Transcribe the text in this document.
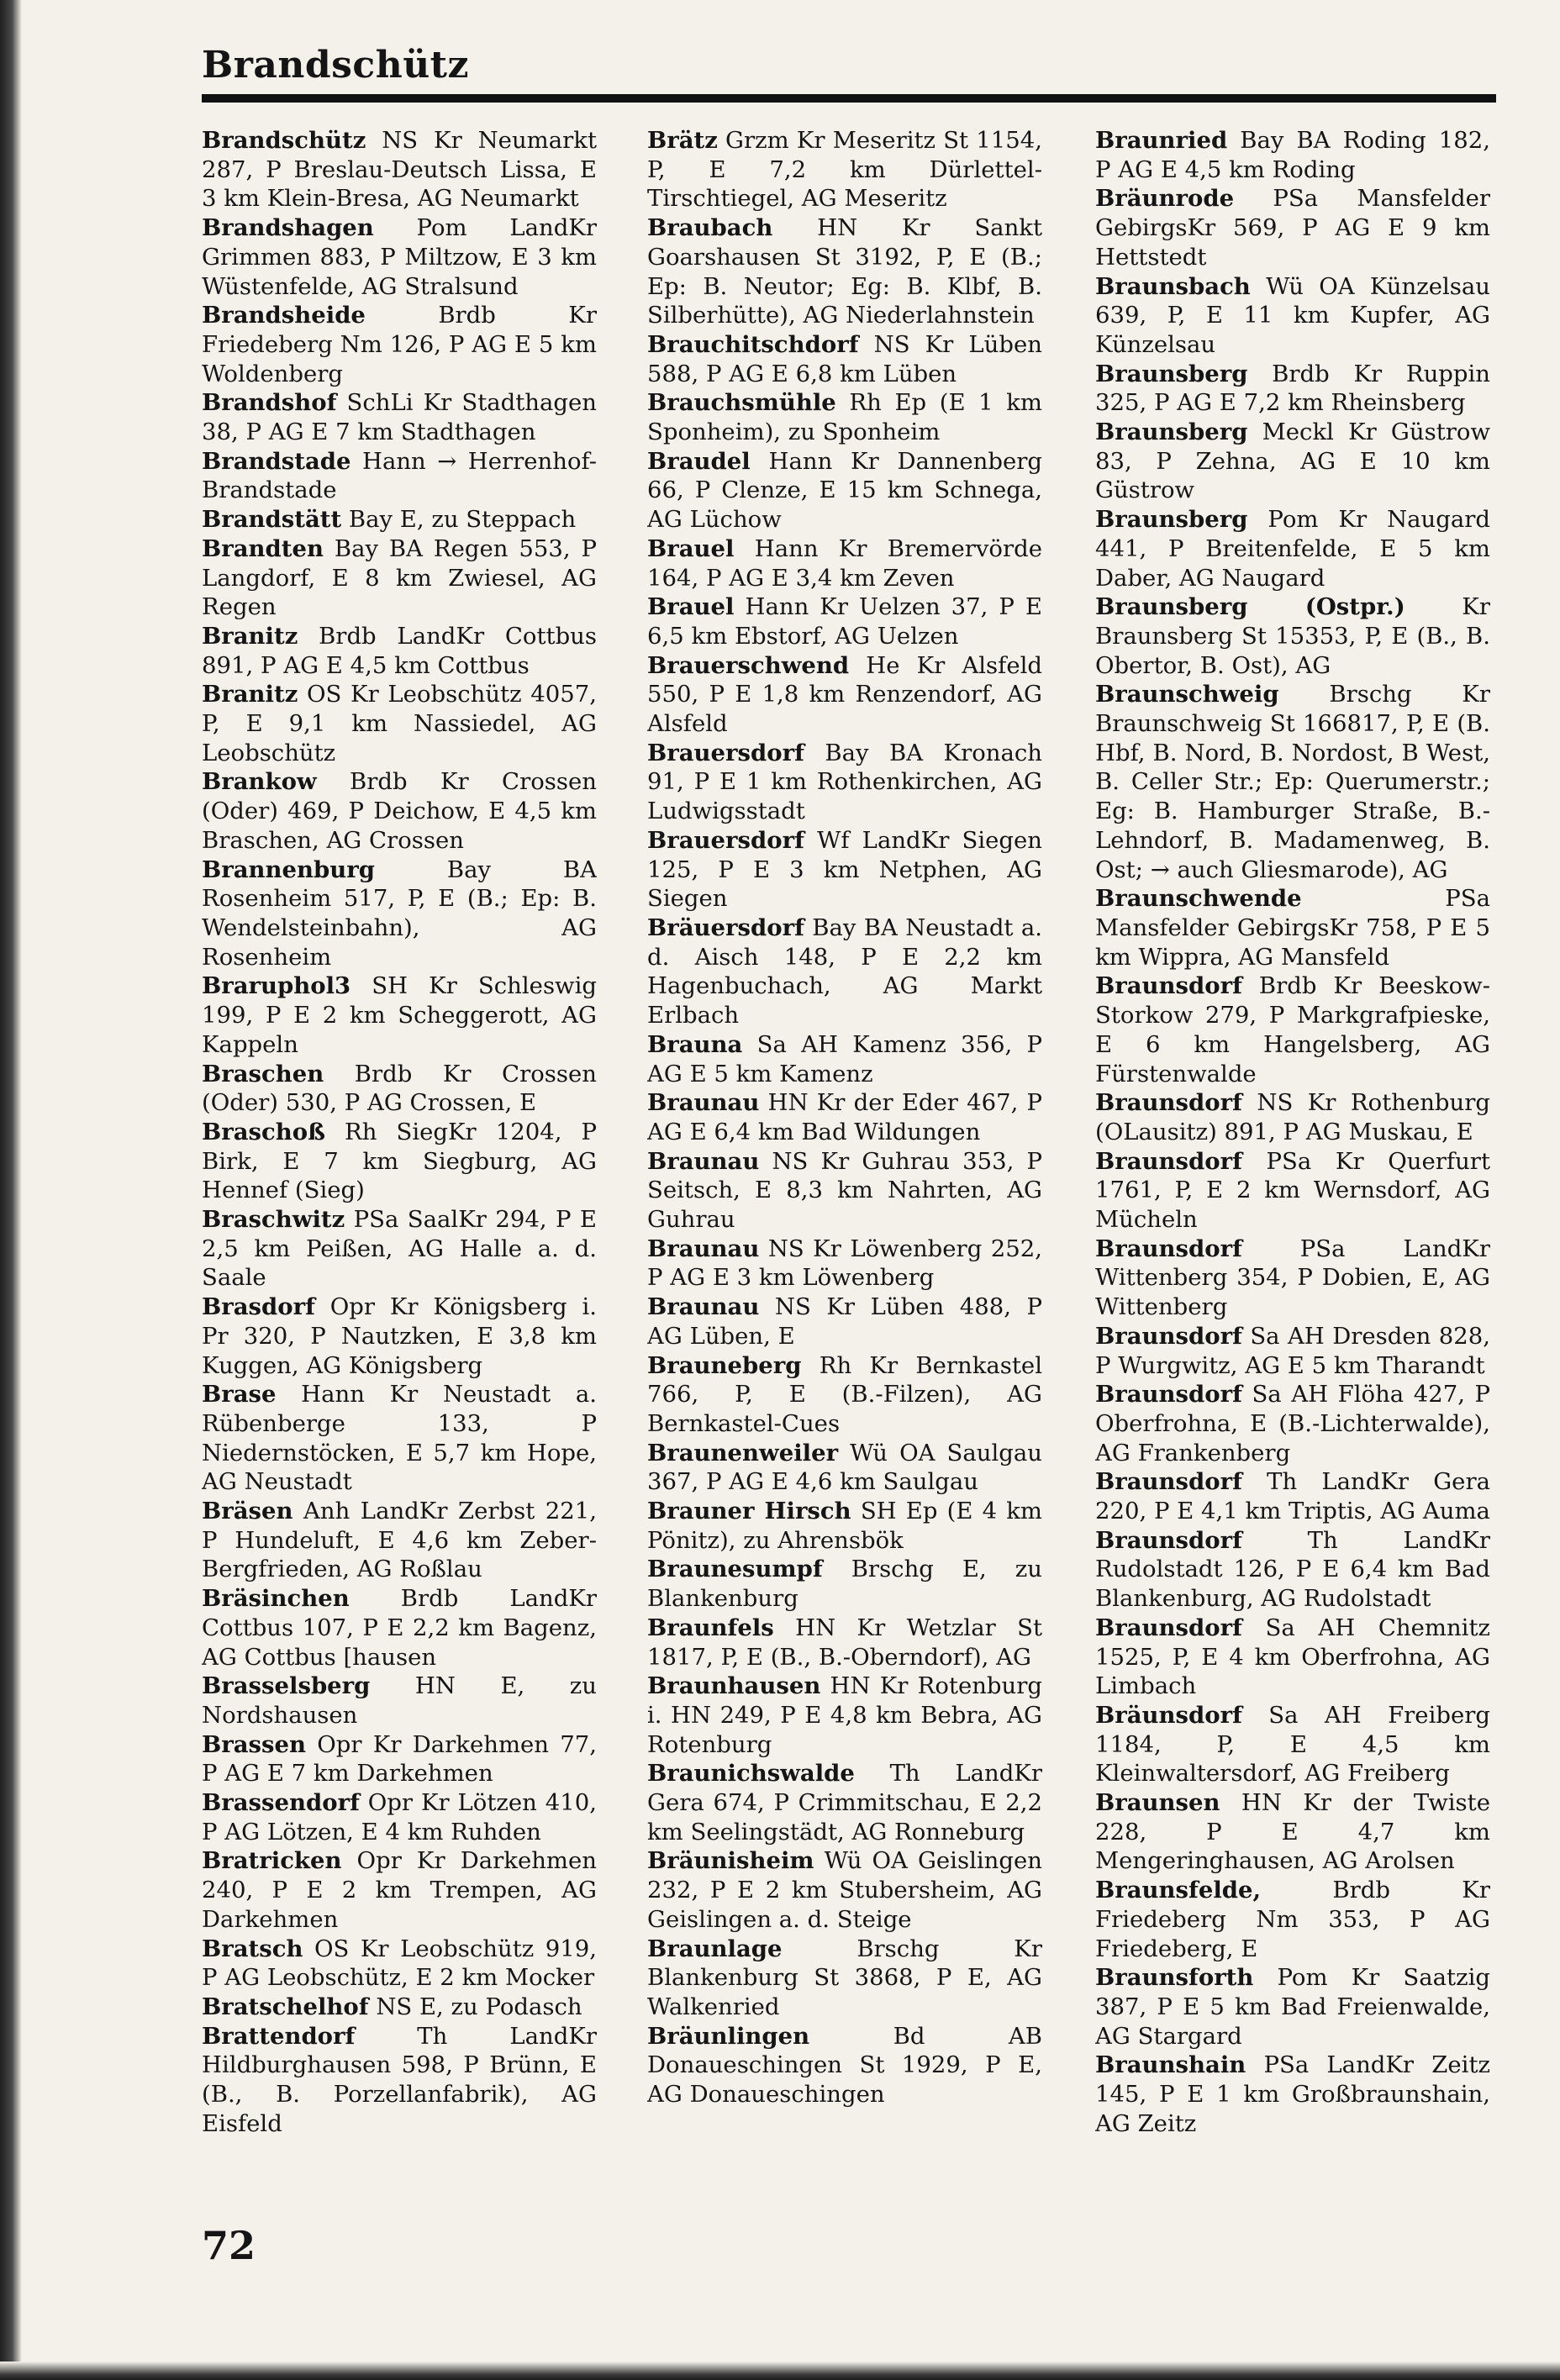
Brandschütz

Brandschütz NS Kr Neumarkt 287, P Breslau-Deutsch Lissa, E 3 km Klein-Bresa, AG Neumarkt

Brandshagen Pom LandKr Grimmen 883, P Miltzow, E 3 km Wüstenfelde, AG Stralsund

Brandsheide Brdb Kr Friedeberg Nm 126, P AG E 5 km Woldenberg

Brandshof SchLi Kr Stadthagen 38, P AG E 7 km Stadthagen

Brandstade Hann → Herrenhof-Brandstade

Brandstätt Bay E, zu Steppach

Brandten Bay BA Regen 553, P Langdorf, E 8 km Zwiesel, AG Regen

Branitz Brdb LandKr Cottbus 891, P AG E 4,5 km Cottbus

Branitz OS Kr Leobschütz 4057, P, E 9,1 km Nassiedel, AG Leobschütz

Brankow Brdb Kr Crossen (Oder) 469, P Deichow, E 4,5 km Braschen, AG Crossen

Brannenburg Bay BA Rosenheim 517, P, E (B.; Ep: B. Wendelsteinbahn), AG Rosenheim

Braruphol3 SH Kr Schleswig 199, P E 2 km Scheggerott, AG Kappeln

Braschen Brdb Kr Crossen (Oder) 530, P AG Crossen, E

Braschoß Rh SiegKr 1204, P Birk, E 7 km Siegburg, AG Hennef (Sieg)

Braschwitz PSa SaalKr 294, P E 2,5 km Peißen, AG Halle a. d. Saale

Brasdorf Opr Kr Königsberg i. Pr 320, P Nautzken, E 3,8 km Kuggen, AG Königsberg

Brase Hann Kr Neustadt a. Rübenberge 133, P Niedernstöcken, E 5,7 km Hope, AG Neustadt

Bräsen Anh LandKr Zerbst 221, P Hundeluft, E 4,6 km Zeber-Bergfrieden, AG Roßlau

Bräsinchen Brdb LandKr Cottbus 107, P E 2,2 km Bagenz, AG Cottbus [hausen

Brasselsberg HN E, zu Nordshausen

Brassen Opr Kr Darkehmen 77, P AG E 7 km Darkehmen

Brassendorf Opr Kr Lötzen 410, P AG Lötzen, E 4 km Ruhden

Bratricken Opr Kr Darkehmen 240, P E 2 km Trempen, AG Darkehmen

Bratsch OS Kr Leobschütz 919, P AG Leobschütz, E 2 km Mocker

Bratschelhof NS E, zu Podasch

Brattendorf Th LandKr Hildburghausen 598, P Brünn, E (B., B. Porzellanfabrik), AG Eisfeld

Brätz Grzm Kr Meseritz St 1154, P, E 7,2 km Dürlettel-Tirschtiegel, AG Meseritz

Braubach HN Kr Sankt Goarshausen St 3192, P, E (B.; Ep: B. Neutor; Eg: B. Klbf, B. Silberhütte), AG Niederlahnstein

Brauchitschdorf NS Kr Lüben 588, P AG E 6,8 km Lüben

Brauchsmühle Rh Ep (E 1 km Sponheim), zu Sponheim

Braudel Hann Kr Dannenberg 66, P Clenze, E 15 km Schnega, AG Lüchow

Brauel Hann Kr Bremervörde 164, P AG E 3,4 km Zeven

Brauel Hann Kr Uelzen 37, P E 6,5 km Ebstorf, AG Uelzen

Brauerschwend He Kr Alsfeld 550, P E 1,8 km Renzendorf, AG Alsfeld

Brauersdorf Bay BA Kronach 91, P E 1 km Rothenkirchen, AG Ludwigsstadt

Brauersdorf Wf LandKr Siegen 125, P E 3 km Netphen, AG Siegen

Bräuersdorf Bay BA Neustadt a. d. Aisch 148, P E 2,2 km Hagenbuchach, AG Markt Erlbach

Brauna Sa AH Kamenz 356, P AG E 5 km Kamenz

Braunau HN Kr der Eder 467, P AG E 6,4 km Bad Wildungen

Braunau NS Kr Guhrau 353, P Seitsch, E 8,3 km Nahrten, AG Guhrau

Braunau NS Kr Löwenberg 252, P AG E 3 km Löwenberg

Braunau NS Kr Lüben 488, P AG Lüben, E

Brauneberg Rh Kr Bernkastel 766, P, E (B.-Filzen), AG Bernkastel-Cues

Braunenweiler Wü OA Saulgau 367, P AG E 4,6 km Saulgau

Brauner Hirsch SH Ep (E 4 km Pönitz), zu Ahrensbök

Braunesumpf Brschg E, zu Blankenburg

Braunfels HN Kr Wetzlar St 1817, P, E (B., B.-Oberndorf), AG

Braunhausen HN Kr Rotenburg i. HN 249, P E 4,8 km Bebra, AG Rotenburg

Braunichswalde Th LandKr Gera 674, P Crimmitschau, E 2,2 km Seelingstädt, AG Ronneburg

Bräunisheim Wü OA Geislingen 232, P E 2 km Stubersheim, AG Geislingen a. d. Steige

Braunlage Brschg Kr Blankenburg St 3868, P E, AG Walkenried

Bräunlingen Bd AB Donaueschingen St 1929, P E, AG Donaueschingen

Braunried Bay BA Roding 182, P AG E 4,5 km Roding

Bräunrode PSa Mansfelder GebirgsKr 569, P AG E 9 km Hettstedt

Braunsbach Wü OA Künzelsau 639, P, E 11 km Kupfer, AG Künzelsau

Braunsberg Brdb Kr Ruppin 325, P AG E 7,2 km Rheinsberg

Braunsberg Meckl Kr Güstrow 83, P Zehna, AG E 10 km Güstrow

Braunsberg Pom Kr Naugard 441, P Breitenfelde, E 5 km Daber, AG Naugard

Braunsberg (Ostpr.) Kr Braunsberg St 15353, P, E (B., B. Obertor, B. Ost), AG

Braunschweig Brschg Kr Braunschweig St 166817, P, E (B. Hbf, B. Nord, B. Nordost, B West, B. Celler Str.; Ep: Querumerstr.; Eg: B. Hamburger Straße, B.-Lehndorf, B. Madamenweg, B. Ost; → auch Gliesmarode), AG

Braunschwende PSa Mansfelder GebirgsKr 758, P E 5 km Wippra, AG Mansfeld

Braunsdorf Brdb Kr Beeskow-Storkow 279, P Markgrafpieske, E 6 km Hangelsberg, AG Fürstenwalde

Braunsdorf NS Kr Rothenburg (OLausitz) 891, P AG Muskau, E

Braunsdorf PSa Kr Querfurt 1761, P, E 2 km Wernsdorf, AG Mücheln

Braunsdorf PSa LandKr Wittenberg 354, P Dobien, E, AG Wittenberg

Braunsdorf Sa AH Dresden 828, P Wurgwitz, AG E 5 km Tharandt

Braunsdorf Sa AH Flöha 427, P Oberfrohna, E (B.-Lichterwalde), AG Frankenberg

Braunsdorf Th LandKr Gera 220, P E 4,1 km Triptis, AG Auma

Braunsdorf Th LandKr Rudolstadt 126, P E 6,4 km Bad Blankenburg, AG Rudolstadt

Braunsdorf Sa AH Chemnitz 1525, P, E 4 km Oberfrohna, AG Limbach

Bräunsdorf Sa AH Freiberg 1184, P, E 4,5 km Kleinwaltersdorf, AG Freiberg

Braunsen HN Kr der Twiste 228, P E 4,7 km Mengeringhausen, AG Arolsen

Braunsfelde, Brdb Kr Friedeberg Nm 353, P AG Friedeberg, E

Braunsforth Pom Kr Saatzig 387, P E 5 km Bad Freienwalde, AG Stargard

Braunshain PSa LandKr Zeitz 145, P E 1 km Großbraunshain, AG Zeitz

72
